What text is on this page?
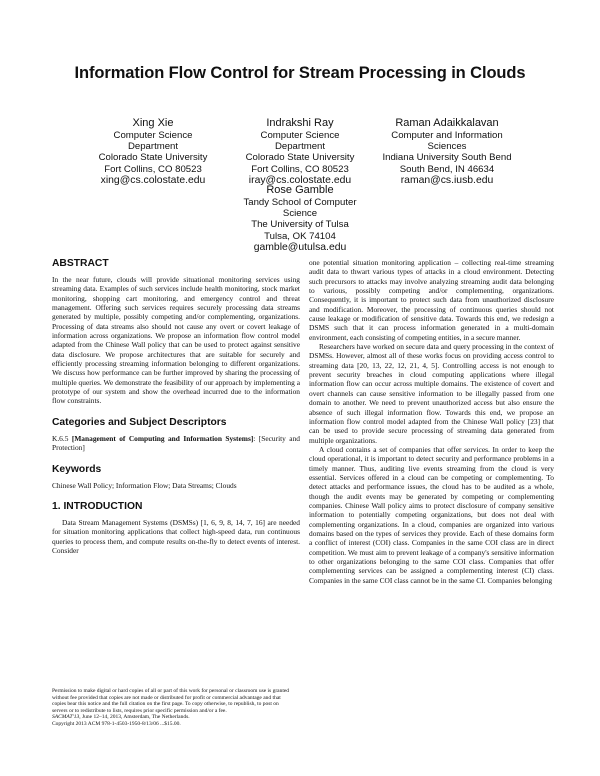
Information Flow Control for Stream Processing in Clouds
Xing Xie
Computer Science
Department
Colorado State University
Fort Collins, CO 80523
xing@cs.colostate.edu
Indrakshi Ray
Computer Science
Department
Colorado State University
Fort Collins, CO 80523
iray@cs.colostate.edu
Raman Adaikkalavan
Computer and Information
Sciences
Indiana University South Bend
South Bend, IN 46634
raman@cs.iusb.edu
Rose Gamble
Tandy School of Computer
Science
The University of Tulsa
Tulsa, OK 74104
gamble@utulsa.edu
ABSTRACT

In the near future, clouds will provide situational monitoring services using streaming data. Examples of such services include health monitoring, stock market monitoring, shopping cart monitoring, and emergency control and threat management. Offering such services requires securely processing data streams generated by multiple, possibly competing and/or complementing, organizations. Processing of data streams also should not cause any overt or covert leakage of information across organizations. We propose an information flow control model adapted from the Chinese Wall policy that can be used to protect against sensitive data disclosure. We propose architectures that are suitable for securely and efficiently processing streaming information belonging to different organizations. We discuss how performance can be further improved by sharing the processing of multiple queries. We demonstrate the feasibility of our approach by implementing a prototype of our system and show the overhead incurred due to the information flow constraints.

Categories and Subject Descriptors

K.6.5 [Management of Computing and Information Systems]: [Security and Protection]

Keywords

Chinese Wall Policy; Information Flow; Data Streams; Clouds

1. INTRODUCTION

Data Stream Management Systems (DSMSs) [1, 6, 9, 8, 14, 7, 16] are needed for situation monitoring applications that collect high-speed data, run continuous queries to process them, and compute results on-the-fly to detect events of interest. Consider

one potential situation monitoring application – collecting real-time streaming audit data to thwart various types of attacks in a cloud environment. Detecting such precursors to attacks may involve analyzing streaming audit data belonging to various, possibly competing and/or complementing, organizations. Consequently, it is important to protect such data from unauthorized disclosure and modification. Moreover, the processing of continuous queries should not cause leakage or modification of sensitive data. Towards this end, we redesign a DSMS such that it can process information generated in a multi-domain environment, each consisting of competing entities, in a secure manner.

Researchers have worked on secure data and query processing in the context of DSMSs. However, almost all of these works focus on providing access control to streaming data [20, 13, 22, 12, 21, 4, 5]. Controlling access is not enough to prevent security breaches in cloud computing applications where illegal information flow can occur across multiple domains. The existence of covert and overt channels can cause sensitive information to be illegally passed from one domain to another. We need to prevent unauthorized access but also ensure the absence of such illegal information flow. Towards this end, we propose an information flow control model adapted from the Chinese Wall policy [23] that can be used to provide secure processing of streaming data generated from multiple organizations.

A cloud contains a set of companies that offer services. In order to keep the cloud operational, it is important to detect security and performance problems in a timely manner. Thus, auditing live events streaming from the cloud is very essential. Services offered in a cloud can be competing or complementing. To detect attacks and performance issues, the cloud has to be audited as a whole, though the audit events may be generated by competing or complementing companies. Chinese Wall policy aims to protect disclosure of company sensitive information to potentially competing organizations, but does not deal with complementing organizations. In a cloud, companies are organized into various domains based on the types of services they provide. Each of these domains form a conflict of interest (COI) class. Companies in the same COI class are in direct competition. We must aim to prevent leakage of a company's sensitive information to other organizations belonging to the same COI class. Companies that offer complementing services can be assigned a complementing interest (CI) class. Companies in the same COI class cannot be in the same CI. Companies belonging

Permission to make digital or hard copies of all or part of this work for personal or classroom use is granted without fee provided that copies are not made or distributed for profit or commercial advantage and that copies bear this notice and the full citation on the first page. To copy otherwise, to republish, to post on servers or to redistribute to lists, requires prior specific permission and/or a fee.

SACMAT'13, June 12–14, 2013, Amsterdam, The Netherlands.

Copyright 2013 ACM 978-1-4503-1950-8/13/06 ...$15.00.
